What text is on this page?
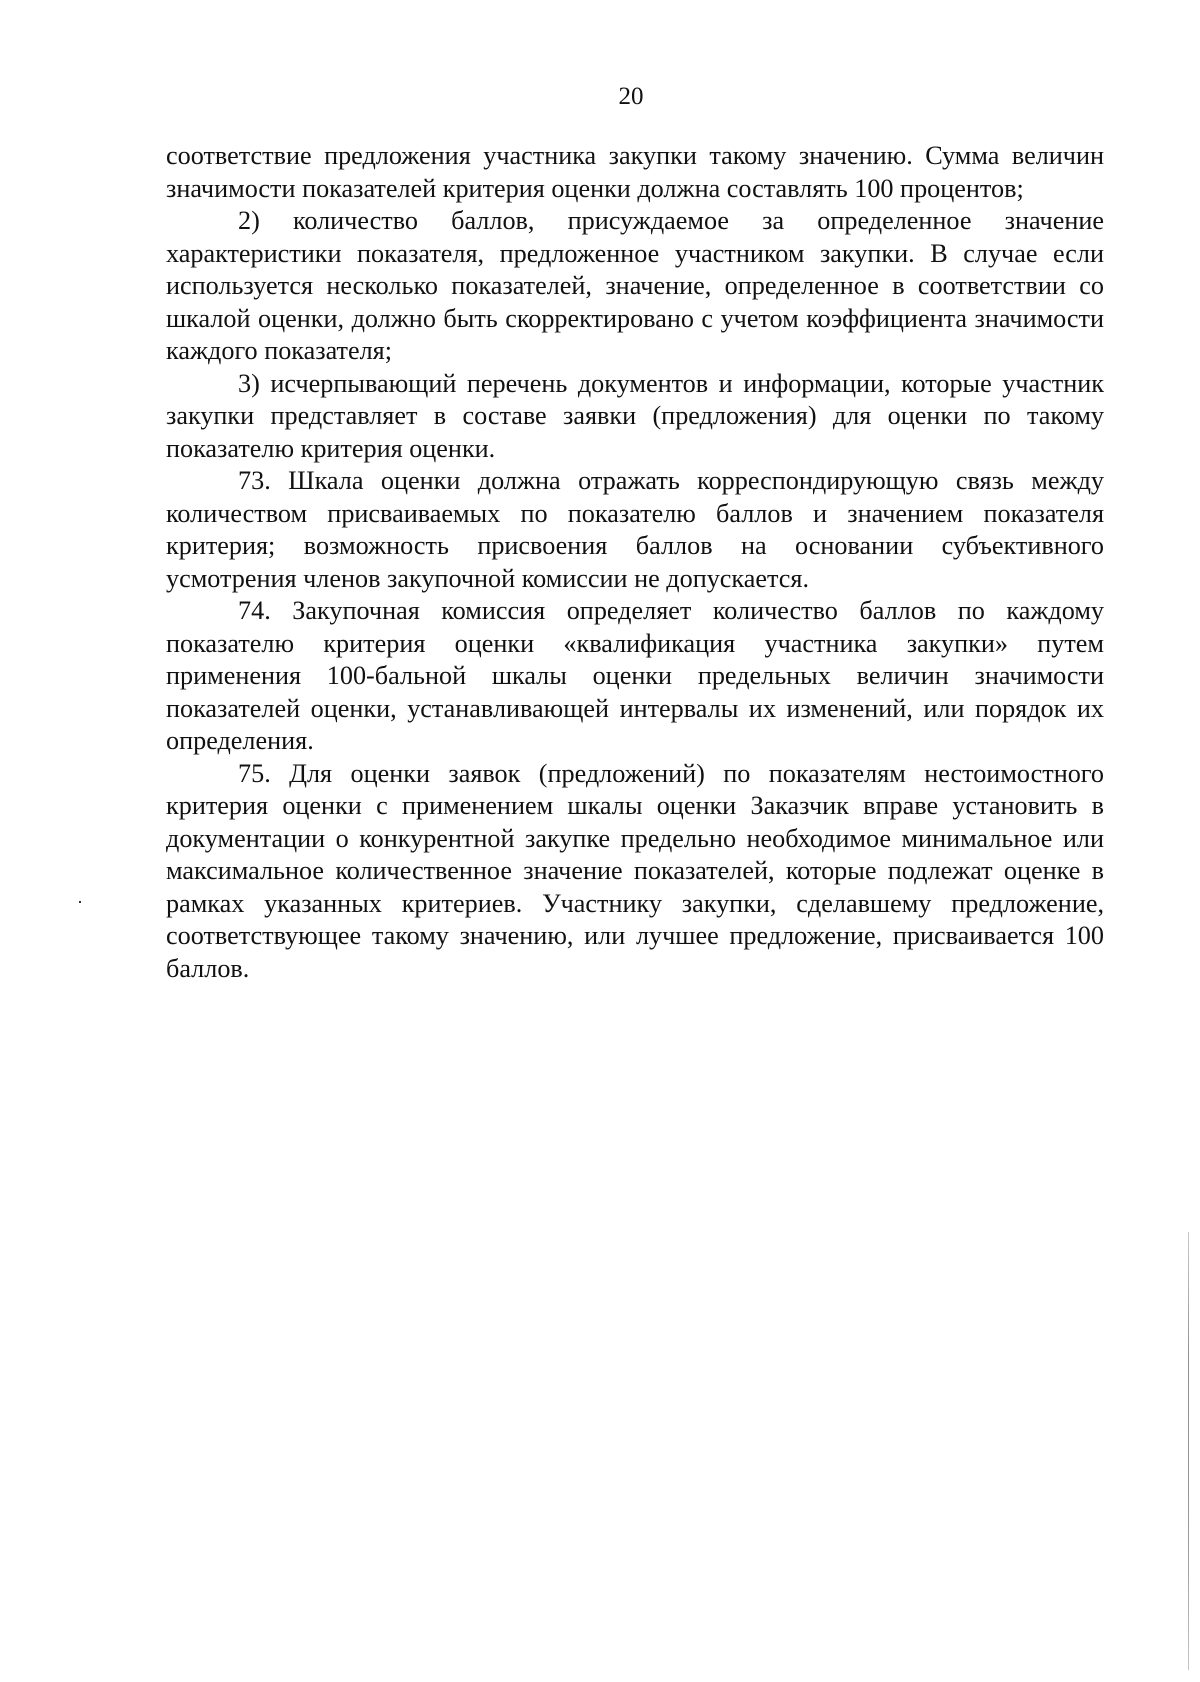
20

соответствие предложения участника закупки такому значению. Сумма величин значимости показателей критерия оценки должна составлять 100 процентов;

2) количество баллов, присуждаемое за определенное значение характеристики показателя, предложенное участником закупки. В случае если используется несколько показателей, значение, определенное в соответствии со шкалой оценки, должно быть скорректировано с учетом коэффициента значимости каждого показателя;

3) исчерпывающий перечень документов и информации, которые участник закупки представляет в составе заявки (предложения) для оценки по такому показателю критерия оценки.

73. Шкала оценки должна отражать корреспондирующую связь между количеством присваиваемых по показателю баллов и значением показателя критерия; возможность присвоения баллов на основании субъективного усмотрения членов закупочной комиссии не допускается.

74. Закупочная комиссия определяет количество баллов по каждому показателю критерия оценки «квалификация участника закупки» путем применения 100-бальной шкалы оценки предельных величин значимости показателей оценки, устанавливающей интервалы их изменений, или порядок их определения.

75. Для оценки заявок (предложений) по показателям нестоимостного критерия оценки с применением шкалы оценки Заказчик вправе установить в документации о конкурентной закупке предельно необходимое минимальное или максимальное количественное значение показателей, которые подлежат оценке в рамках указанных критериев. Участнику закупки, сделавшему предложение, соответствующее такому значению, или лучшее предложение, присваивается 100 баллов.
